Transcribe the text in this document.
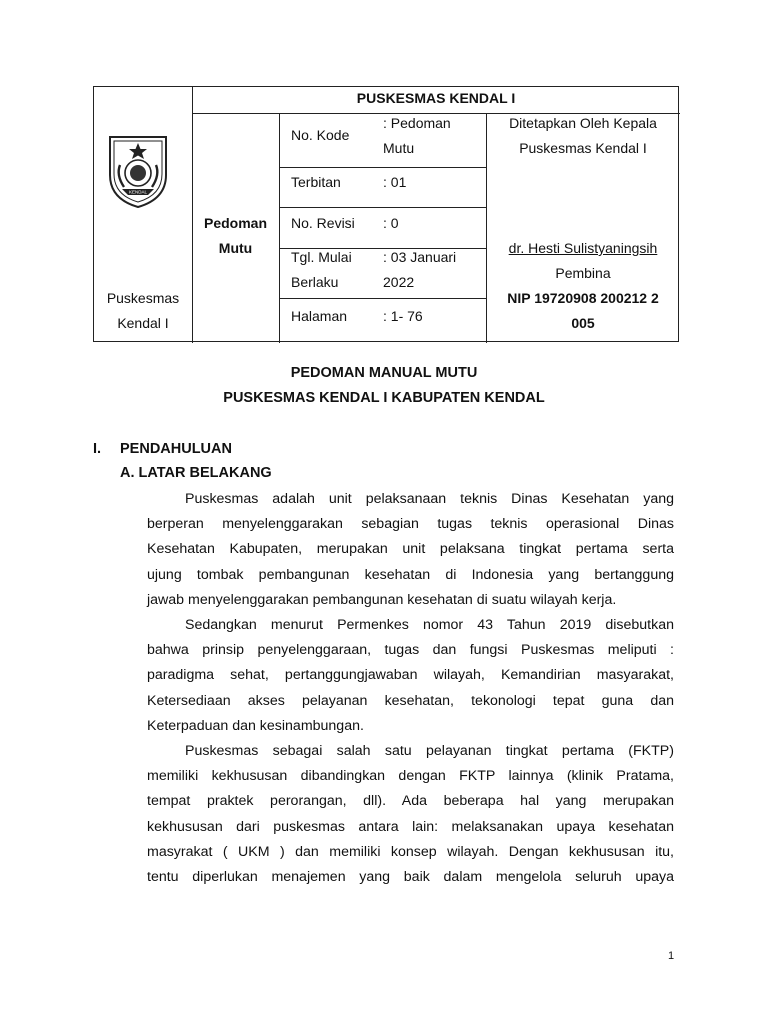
KENDAL
Puskesmas
Kendal I
PUSKESMAS KENDAL I
Pedoman
Mutu
No. Kode
: Pedoman
Mutu
Terbitan	: 01
No. Revisi : 0
Tgl. Mulai
Berlaku
: 03 Januari
2022
Halaman	: 1- 76
Ditetapkan Oleh Kepala
Puskesmas Kendal I
dr. Hesti Sulistyaningsih
Pembina
NIP 19720908 200212 2
005
PEDOMAN MANUAL MUTU
PUSKESMAS KENDAL I KABUPATEN KENDAL
I. PENDAHULUAN
A. LATAR BELAKANG
Puskesmas adalah unit pelaksanaan teknis Dinas Kesehatan yang
berperan menyelenggarakan sebagian tugas teknis operasional Dinas
Kesehatan Kabupaten, merupakan unit pelaksana tingkat pertama serta
ujung tombak pembangunan kesehatan di Indonesia yang bertanggung
jawab menyelenggarakan pembangunan kesehatan di suatu wilayah kerja.
Sedangkan menurut Permenkes nomor 43 Tahun 2019 disebutkan
bahwa prinsip penyelenggaraan, tugas dan fungsi Puskesmas meliputi :
paradigma sehat, pertanggungjawaban wilayah, Kemandirian masyarakat,
Ketersediaan akses pelayanan kesehatan, tekonologi tepat guna dan
Keterpaduan dan kesinambungan.
Puskesmas sebagai salah satu pelayanan tingkat pertama (FKTP)
memiliki kekhususan dibandingkan dengan FKTP lainnya (klinik Pratama,
tempat praktek perorangan, dll). Ada beberapa hal yang merupakan
kekhususan dari puskesmas antara lain: melaksanakan upaya kesehatan
masyrakat ( UKM ) dan memiliki konsep wilayah. Dengan kekhususan itu,
tentu diperlukan menajemen yang baik dalam mengelola seluruh upaya
1
